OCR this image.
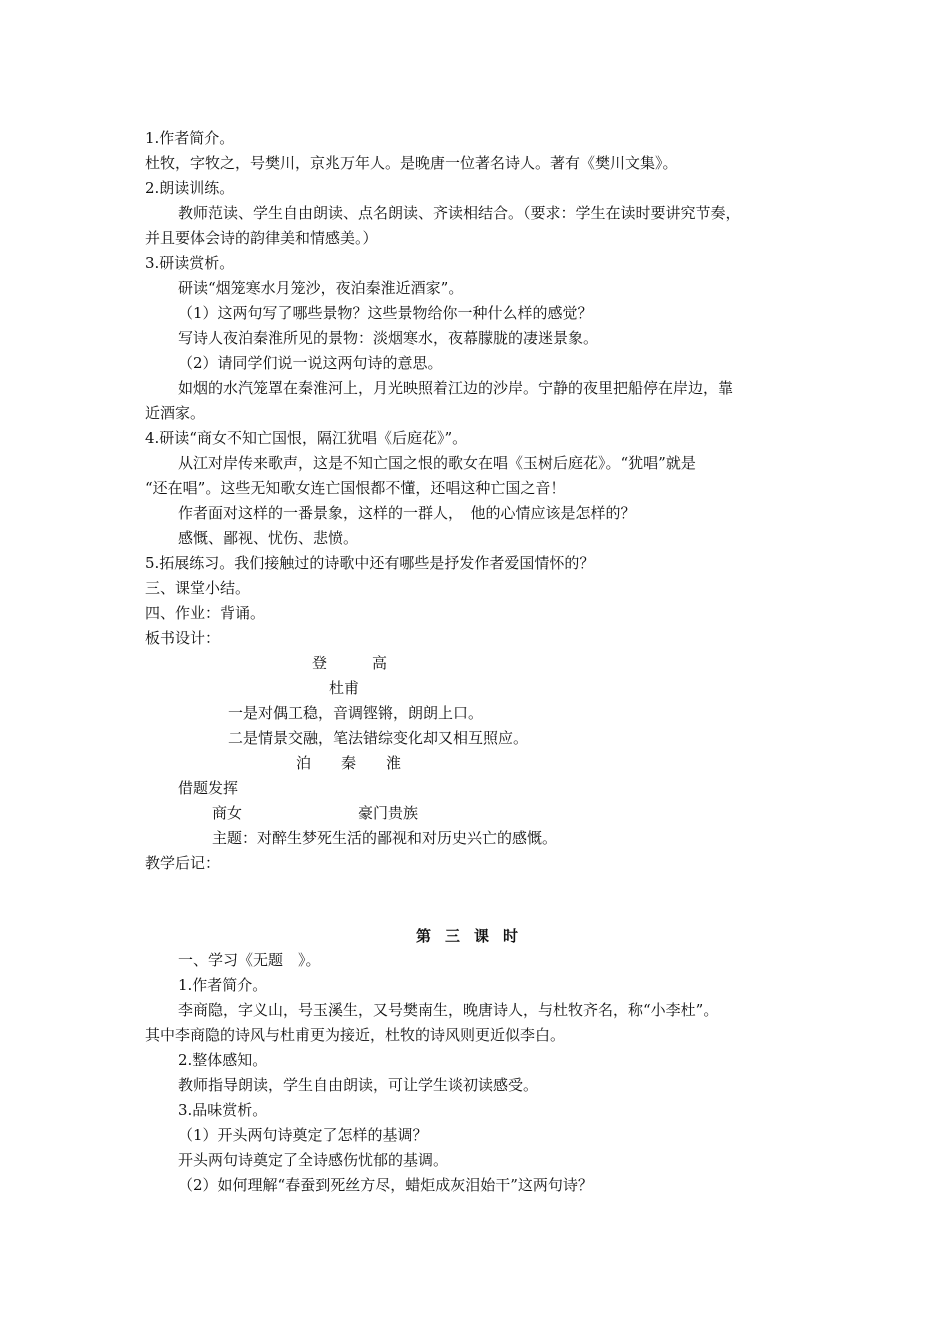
1.作者简介。
杜牧，字牧之，号樊川，京兆万年人。是晚唐一位著名诗人。著有《樊川文集》。
2.朗读训练。
教师范读、学生自由朗读、点名朗读、齐读相结合。（要求：学生在读时要讲究节奏，
并且要体会诗的韵律美和情感美。）
3.研读赏析。
研读“烟笼寒水月笼沙，夜泊秦淮近酒家”。
（1）这两句写了哪些景物？这些景物给你一种什么样的感觉？
写诗人夜泊秦淮所见的景物：淡烟寒水，夜幕朦胧的凄迷景象。
（2）请同学们说一说这两句诗的意思。
如烟的水汽笼罩在秦淮河上，月光映照着江边的沙岸。宁静的夜里把船停在岸边，靠
近酒家。
4.研读“商女不知亡国恨，隔江犹唱《后庭花》”。
从江对岸传来歌声，这是不知亡国之恨的歌女在唱《玉树后庭花》。“犹唱”就是
“还在唱”。这些无知歌女连亡国恨都不懂，还唱这种亡国之音！
作者面对这样的一番景象，这样的一群人，　他的心情应该是怎样的？
感慨、鄙视、忧伤、悲愤。
5.拓展练习。我们接触过的诗歌中还有哪些是抒发作者爱国情怀的？
三、课堂小结。
四、作业：背诵。
板书设计：
登　　　高
杜甫
一是对偶工稳，音调铿锵，朗朗上口。
二是情景交融，笔法错综变化却又相互照应。
泊　　秦　　淮
借题发挥
商女	豪门贵族
主题：对醉生梦死生活的鄙视和对历史兴亡的感慨。
教学后记：
第三课时
一、学习《无题　》。
1.作者简介。
李商隐，字义山，号玉溪生，又号樊南生，晚唐诗人，与杜牧齐名，称“小李杜”。
其中李商隐的诗风与杜甫更为接近，杜牧的诗风则更近似李白。
2.整体感知。
教师指导朗读，学生自由朗读，可让学生谈初读感受。
3.品味赏析。
（1）开头两句诗奠定了怎样的基调？
开头两句诗奠定了全诗感伤忧郁的基调。
（2）如何理解“春蚕到死丝方尽，蜡炬成灰泪始干”这两句诗？
